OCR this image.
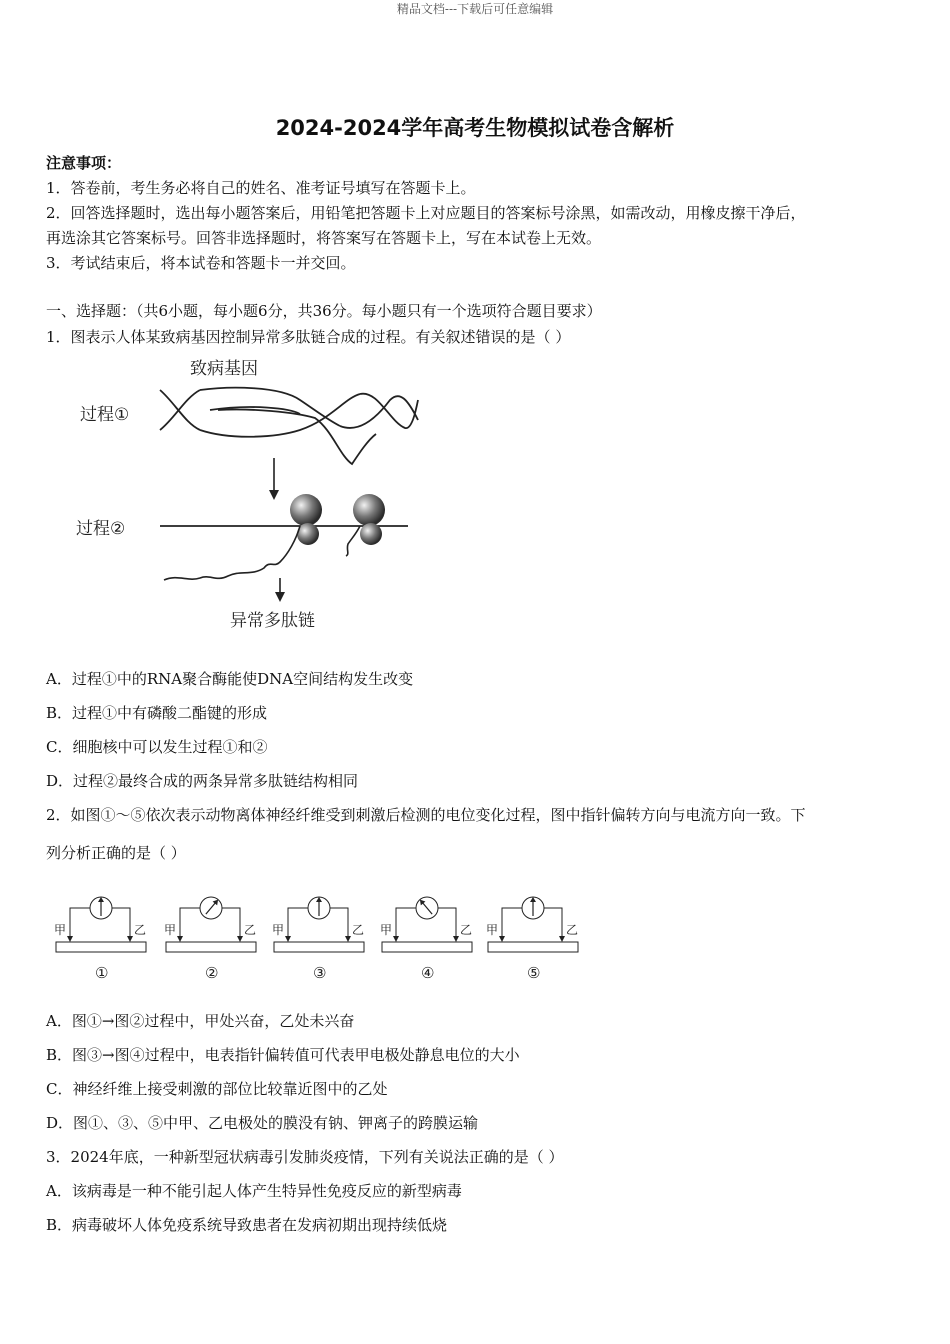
精品文档---下载后可任意编辑
2024-2024学年高考生物模拟试卷含解析
注意事项：
1．答卷前，考生务必将自己的姓名、准考证号填写在答题卡上。
2．回答选择题时，选出每小题答案后，用铅笔把答题卡上对应题目的答案标号涂黑，如需改动，用橡皮擦干净后，
再选涂其它答案标号。回答非选择题时，将答案写在答题卡上，写在本试卷上无效。
3．考试结束后，将本试卷和答题卡一并交回。
一、选择题：（共6小题，每小题6分，共36分。每小题只有一个选项符合题目要求）
1．图表示人体某致病基因控制异常多肽链合成的过程。有关叙述错误的是（ ）
致病基因
过程①
过程②
异常多肽链
A．过程①中的RNA聚合酶能使DNA空间结构发生改变
B．过程①中有磷酸二酯键的形成
C．细胞核中可以发生过程①和②
D．过程②最终合成的两条异常多肽链结构相同
2．如图①～⑤依次表示动物离体神经纤维受到刺激后检测的电位变化过程，图中指针偏转方向与电流方向一致。下
列分析正确的是（ ）
甲	乙
①
甲	乙
②
甲	乙
③
甲	乙
④
甲	乙
⑤
A．图①→图②过程中，甲处兴奋，乙处未兴奋
B．图③→图④过程中，电表指针偏转值可代表甲电极处静息电位的大小
C．神经纤维上接受刺激的部位比较靠近图中的乙处
D．图①、③、⑤中甲、乙电极处的膜没有钠、钾离子的跨膜运输
3．2024年底，一种新型冠状病毒引发肺炎疫情，下列有关说法正确的是（ ）
A．该病毒是一种不能引起人体产生特异性免疫反应的新型病毒
B．病毒破坏人体免疫系统导致患者在发病初期出现持续低烧
